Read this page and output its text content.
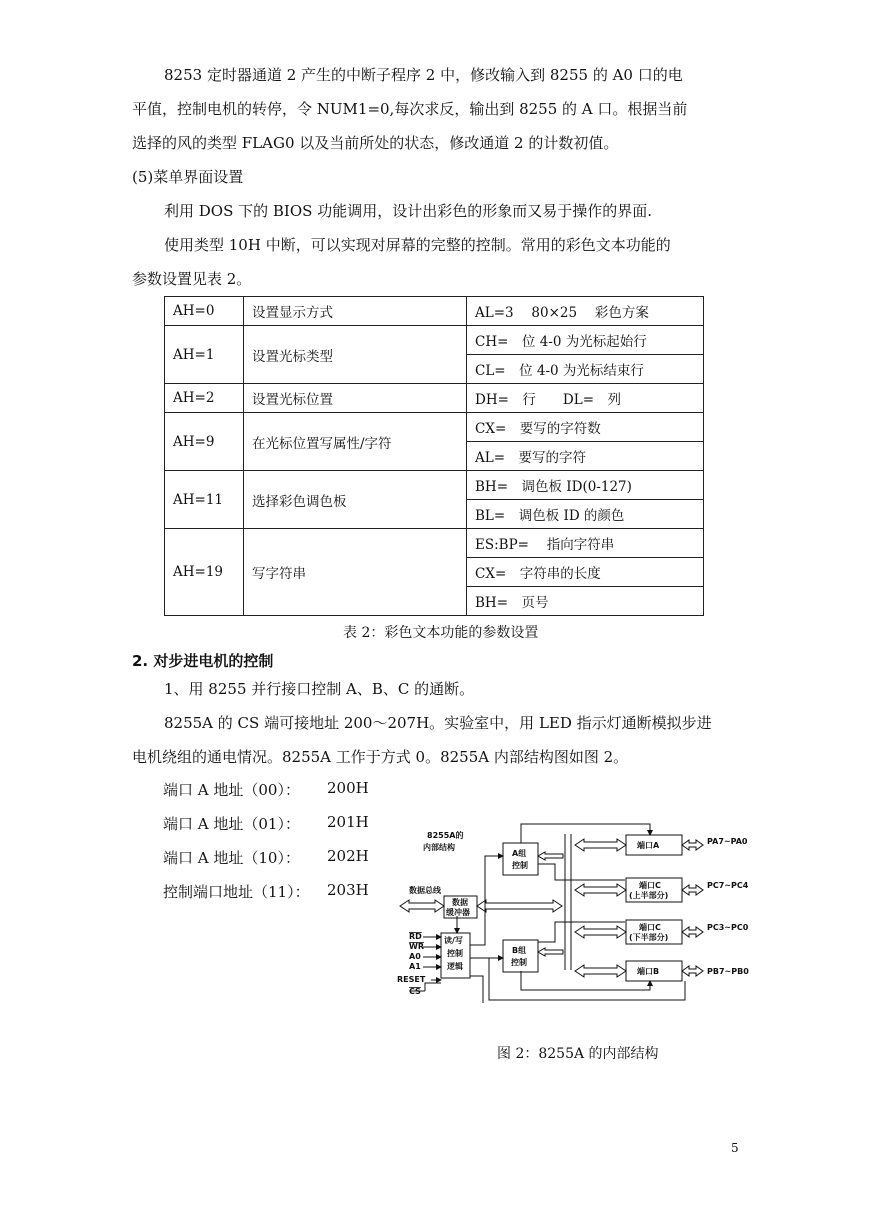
8253 定时器通道 2 产生的中断子程序 2 中，修改输入到 8255 的 A0 口的电
平值，控制电机的转停，令 NUM1=0,每次求反，输出到 8255 的 A 口。根据当前
选择的风的类型 FLAG0 以及当前所处的状态，修改通道 2 的计数初值。
(5)菜单界面设置
利用 DOS 下的 BIOS 功能调用，设计出彩色的形象而又易于操作的界面.
使用类型 10H 中断，可以实现对屏幕的完整的控制。常用的彩色文本功能的
参数设置见表 2。
AH=0	设置显示方式	AL=3　 80×25　 彩色方案
AH=1	设置光标类型	CH=　位 4-0 为光标起始行
		CL=　位 4-0 为光标结束行
AH=2	设置光标位置	DH=　行　　DL=　列
AH=9	在光标位置写属性/字符	CX=　要写的字符数
		AL=　要写的字符
AH=11	选择彩色调色板	BH=　调色板 ID(0-127)
		BL=　调色板 ID 的颜色
AH=19	写字符串	ES:BP=　 指向字符串
		CX=　字符串的长度
		BH=　页号
表 2：彩色文本功能的参数设置
2. 对步进电机的控制
1、用 8255 并行接口控制 A、B、C 的通断。
8255A 的 CS 端可接地址 200～207H。实验室中，用 LED 指示灯通断模拟步进
电机绕组的通电情况。8255A 工作于方式 0。8255A 内部结构图如图 2。
端口 A 地址（00）： 200H
端口 A 地址（01）： 201H
端口 A 地址（10）： 202H
控制端口地址（11）： 203H
8255A的
内部结构
数据总线
数据
缓冲器
A组
控制
B组
控制
读/写
控制
逻辑
RD
WR
A0
A1
RESET
CS
端口A
端口C
(上半部分)
端口C
(下半部分)
端口B
PA7~PA0
PC7~PC4
PC3~PC0
PB7~PB0
图 2：8255A 的内部结构
5
